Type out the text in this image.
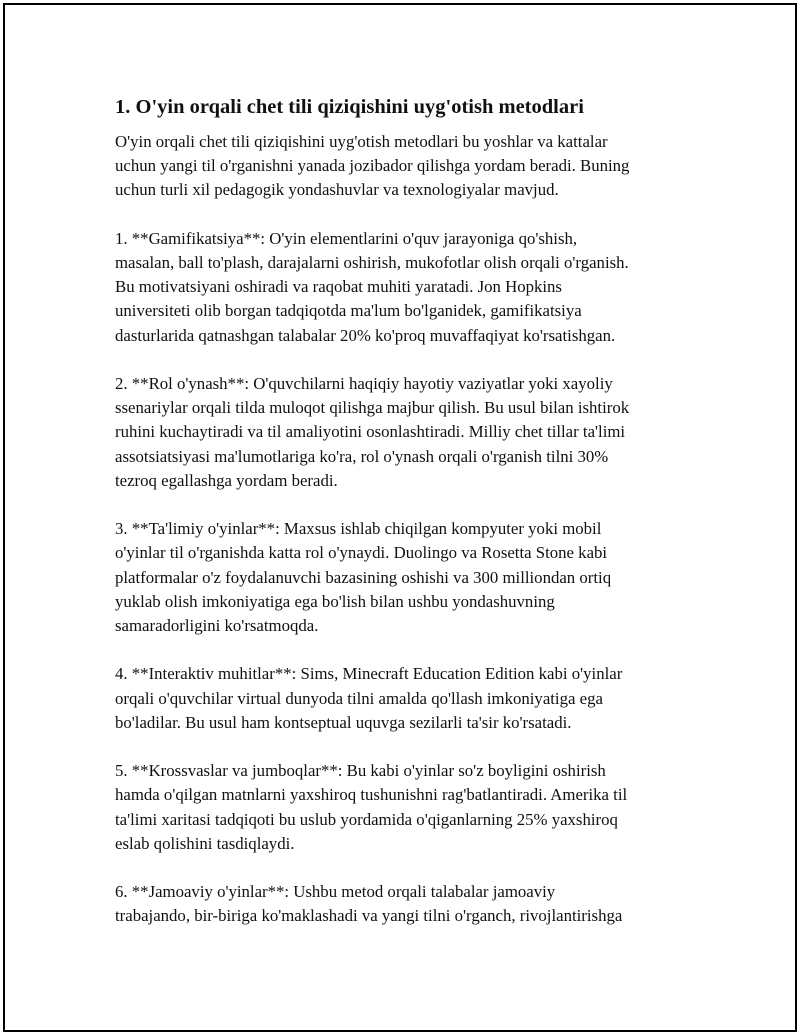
1. O'yin orqali chet tili qiziqishini uyg'otish metodlari

O'yin orqali chet tili qiziqishini uyg'otish metodlari bu yoshlar va kattalar
uchun yangi til o'rganishni yanada jozibador qilishga yordam beradi. Buning
uchun turli xil pedagogik yondashuvlar va texnologiyalar mavjud.

1. **Gamifikatsiya**: O'yin elementlarini o'quv jarayoniga qo'shish,
masalan, ball to'plash, darajalarni oshirish, mukofotlar olish orqali o'rganish.
Bu motivatsiyani oshiradi va raqobat muhiti yaratadi. Jon Hopkins
universiteti olib borgan tadqiqotda ma'lum bo'lganidek, gamifikatsiya
dasturlarida qatnashgan talabalar 20% ko'proq muvaffaqiyat ko'rsatishgan.

2. **Rol o'ynash**: O'quvchilarni haqiqiy hayotiy vaziyatlar yoki xayoliy
ssenariylar orqali tilda muloqot qilishga majbur qilish. Bu usul bilan ishtirok
ruhini kuchaytiradi va til amaliyotini osonlashtiradi. Milliy chet tillar ta'limi
assotsiatsiyasi ma'lumotlariga ko'ra, rol o'ynash orqali o'rganish tilni 30%
tezroq egallashga yordam beradi.

3. **Ta'limiy o'yinlar**: Maxsus ishlab chiqilgan kompyuter yoki mobil
o'yinlar til o'rganishda katta rol o'ynaydi. Duolingo va Rosetta Stone kabi
platformalar o'z foydalanuvchi bazasining oshishi va 300 milliondan ortiq
yuklab olish imkoniyatiga ega bo'lish bilan ushbu yondashuvning
samaradorligini ko'rsatmoqda.

4. **Interaktiv muhitlar**: Sims, Minecraft Education Edition kabi o'yinlar
orqali o'quvchilar virtual dunyoda tilni amalda qo'llash imkoniyatiga ega
bo'ladilar. Bu usul ham kontseptual uquvga sezilarli ta'sir ko'rsatadi.

5. **Krossvaslar va jumboqlar**: Bu kabi o'yinlar so'z boyligini oshirish
hamda o'qilgan matnlarni yaxshiroq tushunishni rag'batlantiradi. Amerika til
ta'limi xaritasi tadqiqoti bu uslub yordamida o'qiganlarning 25% yaxshiroq
eslab qolishini tasdiqlaydi.

6. **Jamoaviy o'yinlar**: Ushbu metod orqali talabalar jamoaviy
trabajando, bir-biriga ko'maklashadi va yangi tilni o'rganch, rivojlantirishga
